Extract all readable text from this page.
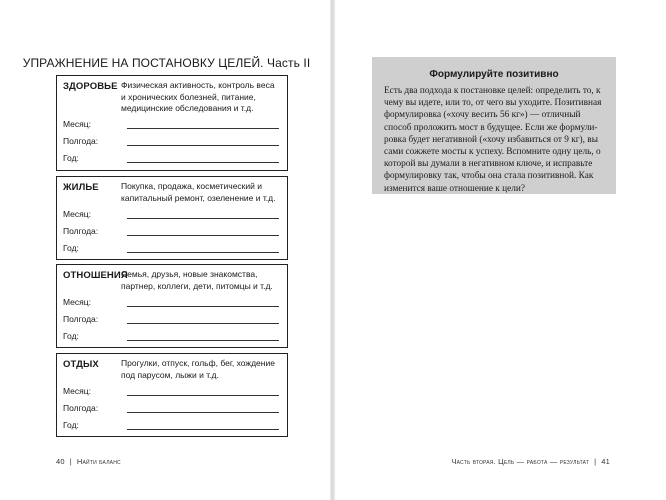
УПРАЖНЕНИЕ НА ПОСТАНОВКУ ЦЕЛЕЙ. Часть II
ЗДОРОВЬЕ Физическая активность, контроль веса и хронических болезней, питание, медицинские обследования и т.д.
Месяц:
Полгода:
Год:
ЖИЛЬЕ	Покупка, продажа, косметический и капитальный ремонт, озеленение и т.д.
Месяц:
Полгода:
Год:
ОТНОШЕНИЯ
Семья, друзья, новые знакомства, партнер, коллеги, дети, питомцы и т.д.
Месяц:
Полгода:
Год:
ОТДЫХ	Прогулки, отпуск, гольф, бег, хождение под парусом, лыжи и т.д.
Месяц:
Полгода:
Год:
40 | Найти баланс
Формулируйте позитивно
Есть два подхода к постановке целей: определить то, к чему вы идете, или то, от чего вы уходите. Позитивная формулировка («хочу весить 56 кг») — отличный способ проложить мост в будущее. Если же формулировка будет негативной («хочу избавиться от 9 кг), вы сами сожжете мосты к успеху. Вспомните одну цель, о которой вы думали в негативном ключе, и исправьте формулировку так, чтобы она стала позитивной. Как изменится ваше отношение к цели?
Часть вторая. Цель — работа — результат | 41
